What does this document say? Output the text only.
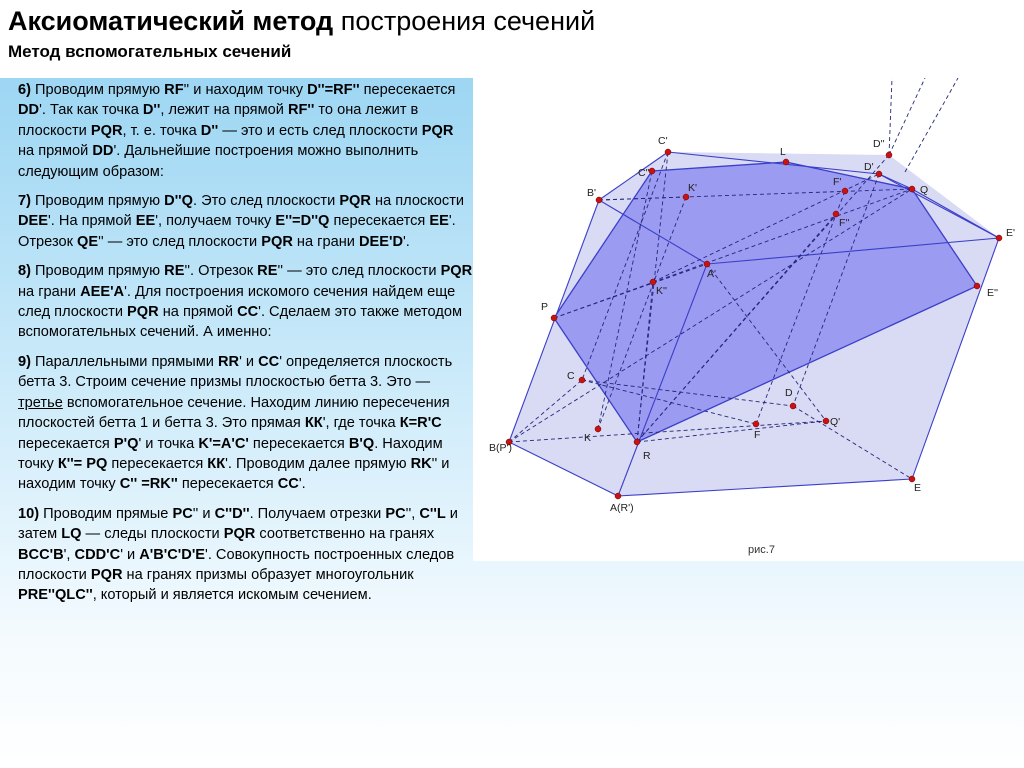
Аксиоматический метод построения сечений
Метод вспомогательных сечений

6) Проводим прямую RF'' и находим точку D''=RF'' пересекается DD'. Так как точка D'', лежит на прямой RF'' то она лежит в плоскости PQR, т. е. точка D'' — это и есть след плоскости PQR на прямой DD'. Дальнейшие построения можно выполнить следующим образом:

7) Проводим прямую D''Q. Это след плоскости PQR на плоскости DEE'. На прямой EE', получаем точку E''=D''Q пересекается EE'. Отрезок QE'' — это след плоскости PQR на грани DEE'D'.

8) Проводим прямую RE''. Отрезок RE'' — это след плоскости PQR на грани AEE'A'. Для построения искомого сечения найдем еще след плоскости PQR на прямой CC'. Сделаем это также методом вспомогательных сечений. А именно:

9) Параллельными прямыми RR' и CC' определяется плоскость бетта 3. Строим сечение призмы плоскостью бетта 3. Это — третье вспомогательное сечение. Находим линию пересечения плоскостей бетта 1 и бетта 3. Это прямая КК', где точка К=R'C пересекается P'Q' и точка K'=A'C' пересекается B'Q. Находим точку К''= PQ пересекается КК'. Проводим далее прямую RK'' и находим точку C'' =RK'' пересекается CC'.

10) Проводим прямые PC'' и C''D''. Получаем отрезки PC'', C''L и затем LQ — следы плоскости PQR соответственно на гранях BCC'B', CDD'C' и A'B'C'D'E'. Совокупность построенных следов плоскости PQR на гранях призмы образует многоугольник PRE''QLC'', который и является искомым сечением.

C'	D''
L
D'
C''
K'	F'
Q
B'
F''
E'
A'
K''	E''
P
C
D
Q'
B(P')
K	F
R
E
A(R')
рис.7
